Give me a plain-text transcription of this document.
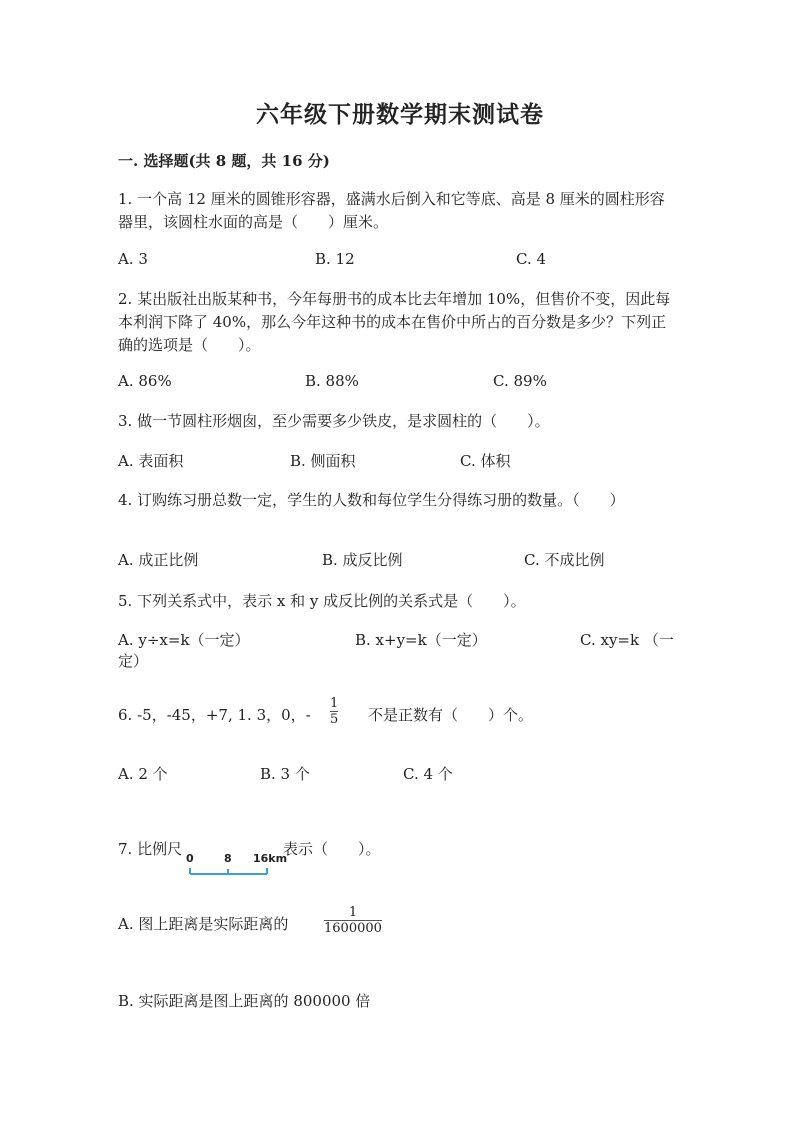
六年级下册数学期末测试卷
一. 选择题(共 8 题，共 16 分)
1. 一个高 12 厘米的圆锥形容器，盛满水后倒入和它等底、高是 8 厘米的圆柱形容器里，该圆柱水面的高是（　　）厘米。
A. 3	B. 12	C. 4
2. 某出版社出版某种书，今年每册书的成本比去年增加 10%，但售价不变，因此每本利润下降了 40%，那么今年这种书的成本在售价中所占的百分数是多少？下列正确的选项是（　　）。
A. 86%	B. 88%	C. 89%
3. 做一节圆柱形烟囱，至少需要多少铁皮，是求圆柱的（　　）。
A. 表面积	B. 侧面积	C. 体积
4. 订购练习册总数一定，学生的人数和每位学生分得练习册的数量。（　　）
A. 成正比例	B. 成反比例	C. 不成比例
5. 下列关系式中，表示 x 和 y 成反比例的关系式是（　　）。
A. y÷x=k（一定）	B. x+y=k（一定）	C. xy=k （一
定）
6. -5，-45，+7, 1. 3，0，-
1
5 不是正数有（　　）个。
A. 2 个	B. 3 个	C. 4 个
7. 比例尺
0	8 16km
表示（　　）。
A. 图上距离是实际距离的
1
1600000
B. 实际距离是图上距离的 800000 倍
